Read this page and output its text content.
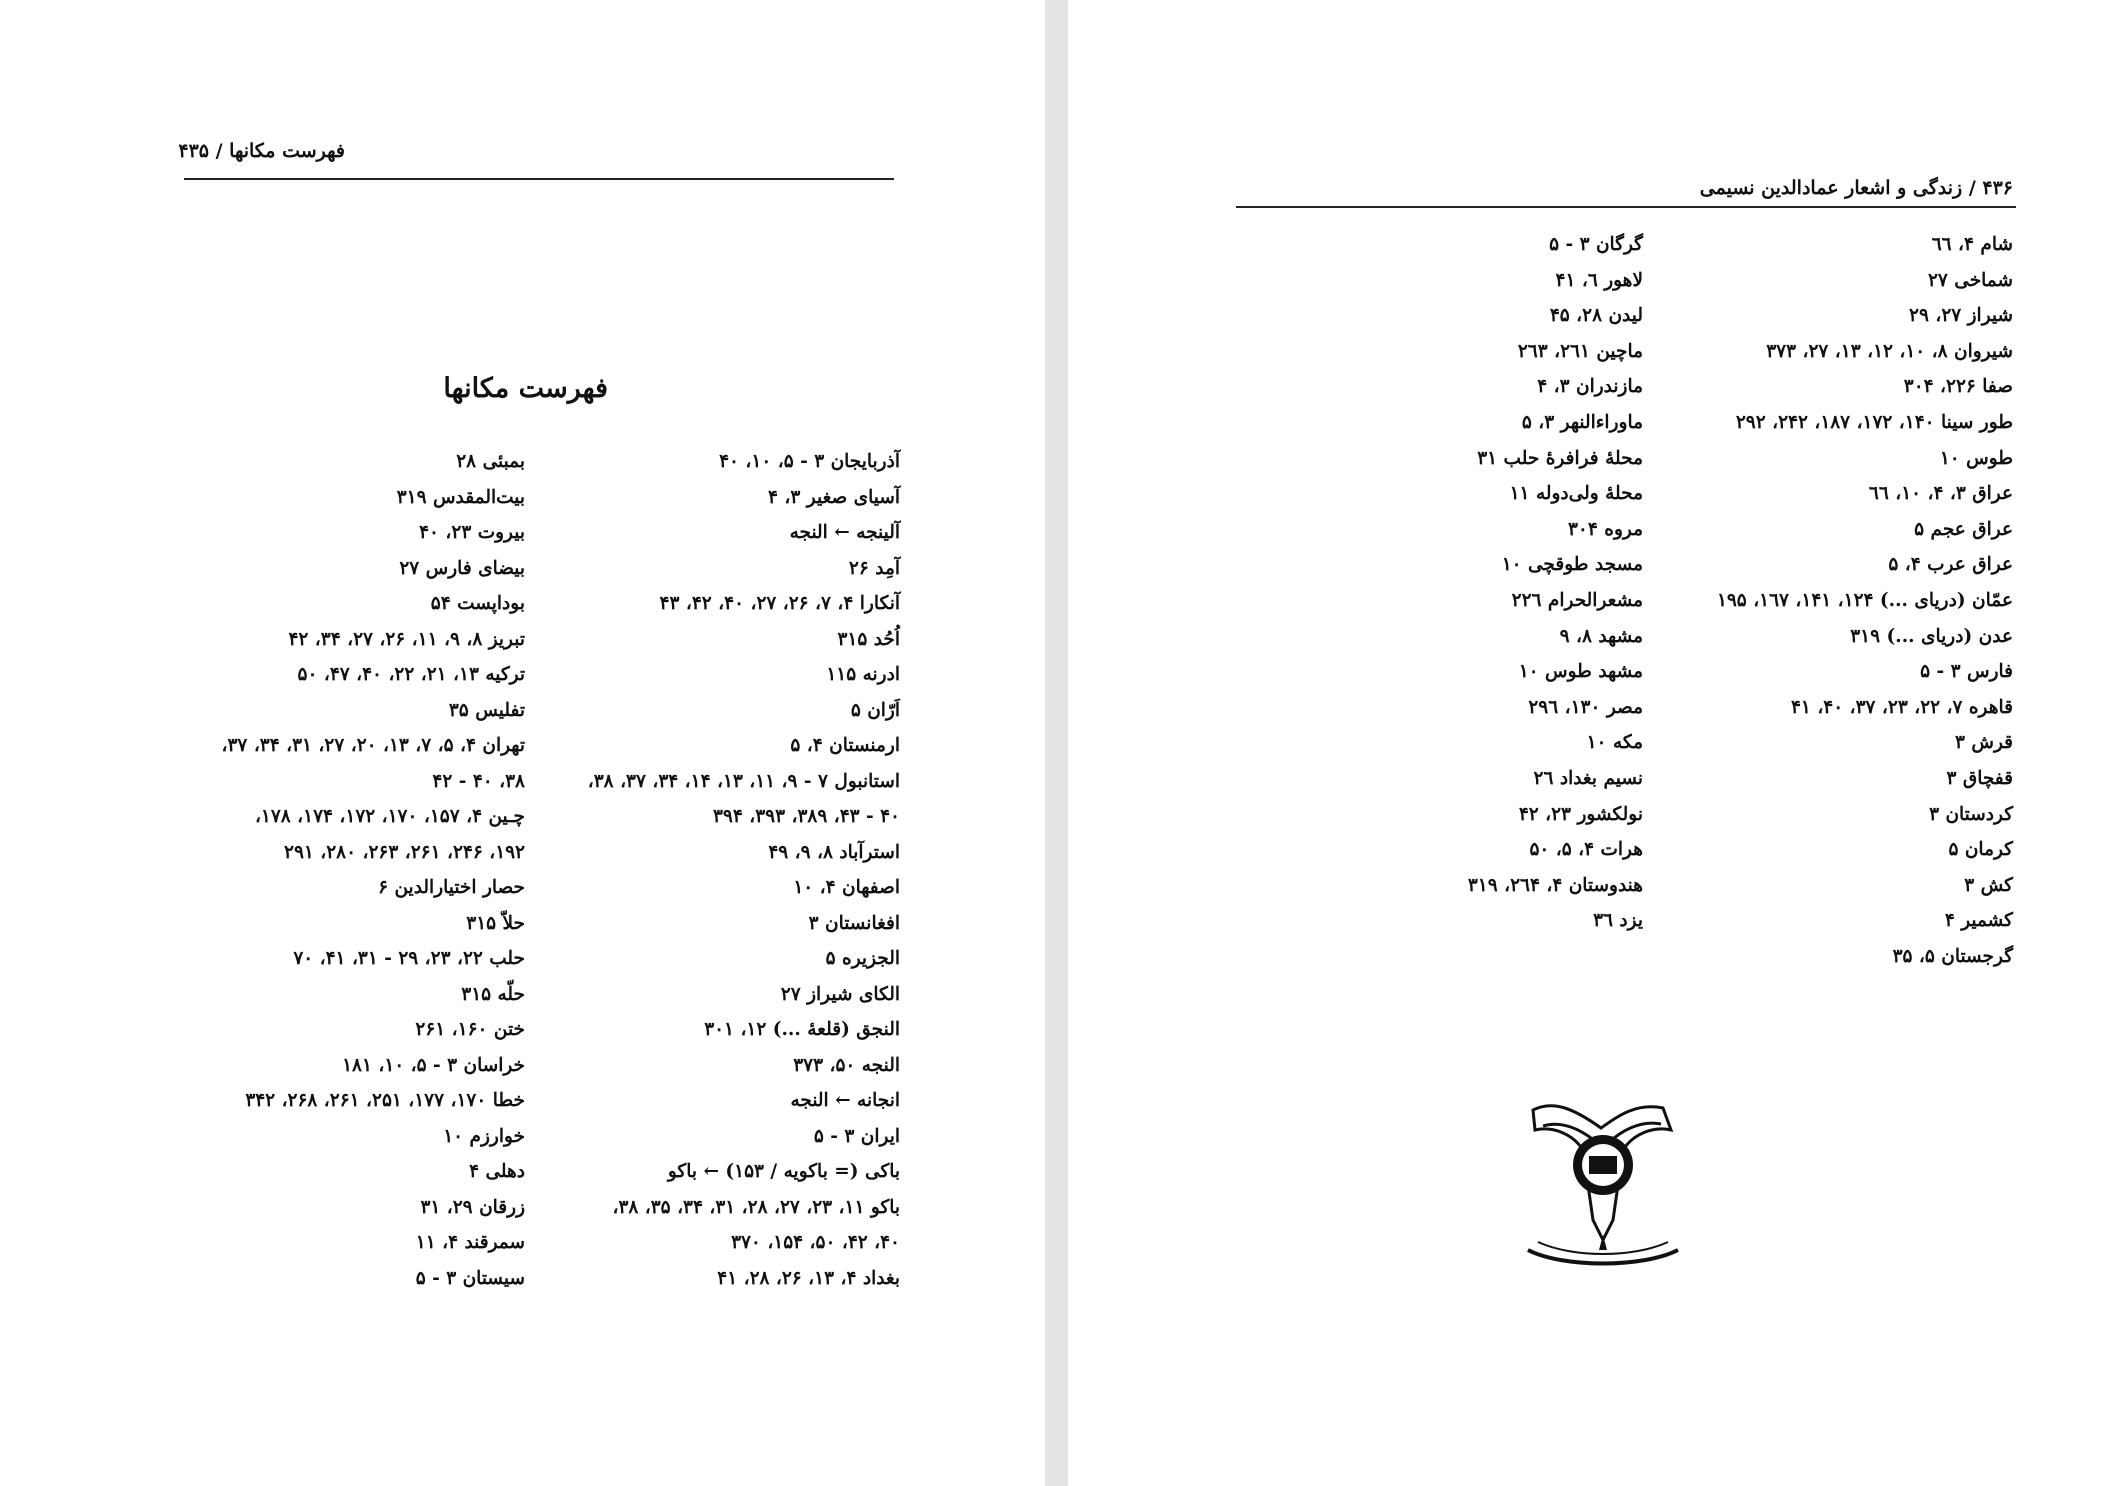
فهرست مکانها / ۴۳۵
فهرست مکانها
آذربایجان ۳ - ۵، ۱۰، ۴۰
آسیای صغیر ۳، ۴
آلینجه ← النجه
آمِد ۲۶
آنکارا ۴، ۷، ۲۶، ۲۷، ۴۰، ۴۲، ۴۳
اُحُد ۳۱۵
ادرنه ۱۱۵
اَرّان ۵
ارمنستان ۴، ۵
استانبول ۷ - ۹، ۱۱، ۱۳، ۱۴، ۳۴، ۳۷، ۳۸،
۴۰ - ۴۳، ۳۸۹، ۳۹۳، ۳۹۴
استرآباد ۸، ۹، ۴۹
اصفهان ۴، ۱۰
افغانستان ۳
الجزیره ۵
الکای شیراز ۲۷
النجق (قلعهٔ ...) ۱۲، ۳۰۱
النجه ۵۰، ۳۷۳
انجانه ← النجه
ایران ۳ - ۵
باکی (= باکویه / ۱۵۳) ← باکو
باکو ۱۱، ۲۳، ۲۷، ۲۸، ۳۱، ۳۴، ۳۵، ۳۸،
۴۰، ۴۲، ۵۰، ۱۵۴، ۳۷۰
بغداد ۴، ۱۳، ۲۶، ۲۸، ۴۱
بمبئی ۲۸
بیت‌المقدس ۳۱۹
بیروت ۲۳، ۴۰
بیضای فارس ۲۷
بوداپست ۵۴
تبریز ۸، ۹، ۱۱، ۲۶، ۲۷، ۳۴، ۴۲
ترکیه ۱۳، ۲۱، ۲۲، ۴۰، ۴۷، ۵۰
تفلیس ۳۵
تهران ۴، ۵، ۷، ۱۳، ۲۰، ۲۷، ۳۱، ۳۴، ۳۷،
۳۸، ۴۰ - ۴۲
چـین ۴، ۱۵۷، ۱۷۰، ۱۷۲، ۱۷۴، ۱۷۸،
۱۹۲، ۲۴۶، ۲۶۱، ۲۶۳، ۲۸۰، ۲۹۱
حصار اختیارالدین ۶
حلاّ ۳۱۵
حلب ۲۲، ۲۳، ۲۹ - ۳۱، ۴۱، ۷۰
حلّه ۳۱۵
ختن ۱۶۰، ۲۶۱
خراسان ۳ - ۵، ۱۰، ۱۸۱
خطا ۱۷۰، ۱۷۷، ۲۵۱، ۲۶۱، ۲۶۸، ۳۴۲
خوارزم ۱۰
دهلی ۴
زرقان ۲۹، ۳۱
سمرقند ۴، ۱۱
سیستان ۳ - ۵
۴۳۶ / زندگی و اشعار عمادالدین نسیمی
شام ۴، ٦٦
شماخی ۲۷
شیراز ۲۷، ۲۹
شیروان ۸، ۱۰، ۱۲، ۱۳، ۲۷، ۳۷۳
صفا ۲۲۶، ۳۰۴
طور سینا ۱۴۰، ۱۷۲، ۱۸۷، ۲۴۲، ۲۹۲
طوس ۱۰
عراق ۳، ۴، ۱۰، ٦٦
عراق عجم ۵
عراق عرب ۴، ۵
عمّان (دریای ...) ۱۲۴، ۱۴۱، ۱٦۷، ۱۹۵
عدن (دریای ...) ۳۱۹
فارس ۳ - ۵
قاهره ۷، ۲۲، ۲۳، ۳۷، ۴۰، ۴۱
قرش ۳
قفچاق ۳
کردستان ۳
کرمان ۵
کش ۳
کشمیر ۴
گرجستان ۵، ۳۵
گرگان ۳ - ۵
لاهور ٦، ۴۱
لیدن ۲۸، ۴۵
ماچین ۲٦۱، ۲٦۳
مازندران ۳، ۴
ماوراءالنهر ۳، ۵
محلهٔ فرافرهٔ حلب ۳۱
محلهٔ ولی‌دوله ۱۱
مروه ۳۰۴
مسجد طوقچی ۱۰
مشعرالحرام ۲۲٦
مشهد ۸، ۹
مشهد طوس ۱۰
مصر ۱۳۰، ۲۹٦
مکه ۱۰
نسیم بغداد ۲٦
نولکشور ۲۳، ۴۲
هرات ۴، ۵، ۵۰
هندوستان ۴، ۲٦۴، ۳۱۹
یزد ۳٦
